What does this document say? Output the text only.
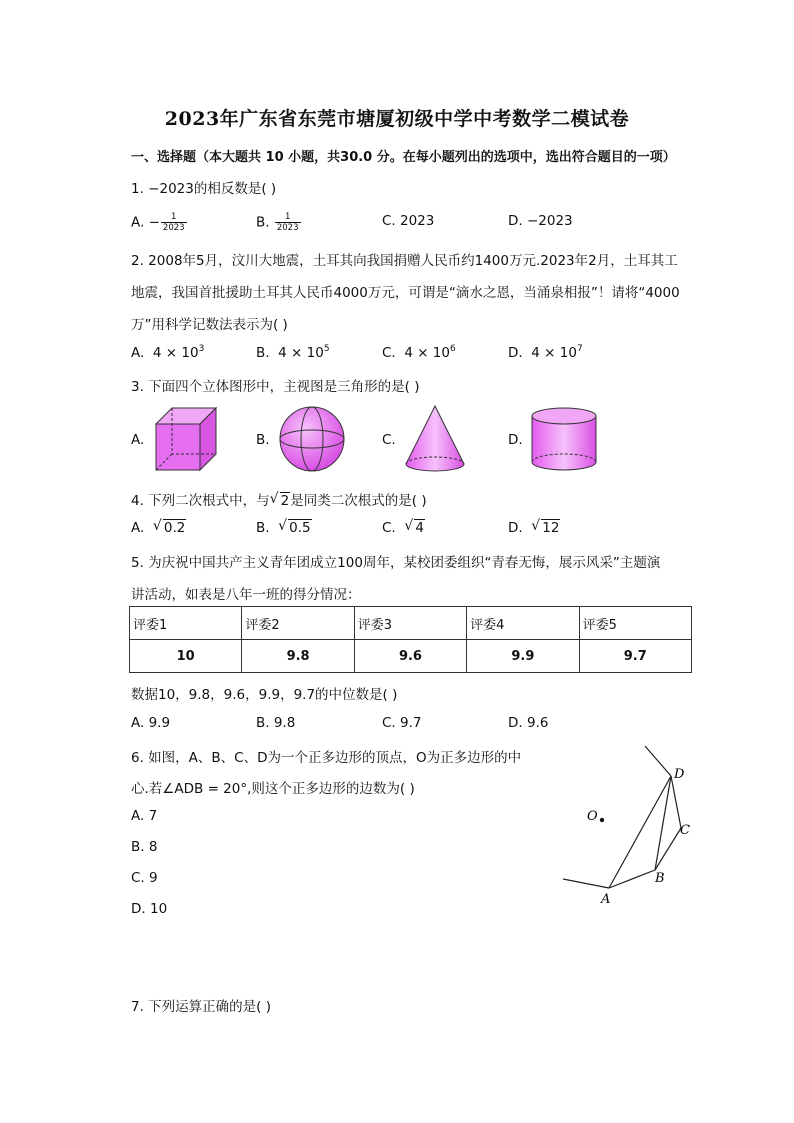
2023年广东省东莞市塘厦初级中学中考数学二模试卷
一、选择题（本大题共 10 小题，共30.0 分。在每小题列出的选项中，选出符合题目的一项）
1. −2023的相反数是( )
A. − $\frac{1}{2023}$	B. $\frac{1}{2023}$	C. 2023	D. −2023
2. 2008年5月，汶川大地震，土耳其向我国捐赠人民币约1400万元.2023年2月，土耳其工
地震，我国首批援助土耳其人民币4000万元，可谓是“滴水之恩，当涌泉相报”！请将“4000
万”用科学记数法表示为( )
A. $4 \times 10^3$	B. $4 \times 10^5$	C. $4 \times 10^6$	D. $4 \times 10^7$
3. 下面四个立体图形中，主视图是三角形的是( )
A.	B.	C.	D.
4. 下列二次根式中，与 √ 2是同类二次根式的是( )
A. √ 0.2	B. √ 0.5	C. √ 4	D. √ 12
5. 为庆祝中国共产主义青年团成立100周年，某校团委组织“青春无悔，展示风采”主题演
讲活动，如表是八年一班的得分情况：
评委1	评委2	评委3	评委4	评委5
10	9.8	9.6	9.9	9.7
数据10，9.8，9.6，9.9，9.7的中位数是( )
A. 9.9	B. 9.8	C. 9.7	D. 9.6
6. 如图，A、B、C、D为一个正多边形的顶点，O为正多边形的中
心.若∠ADB = 20°,则这个正多边形的边数为( )
A. 7
B. 8
C. 9
D. 10
O
A
B
C
D
7. 下列运算正确的是( )
